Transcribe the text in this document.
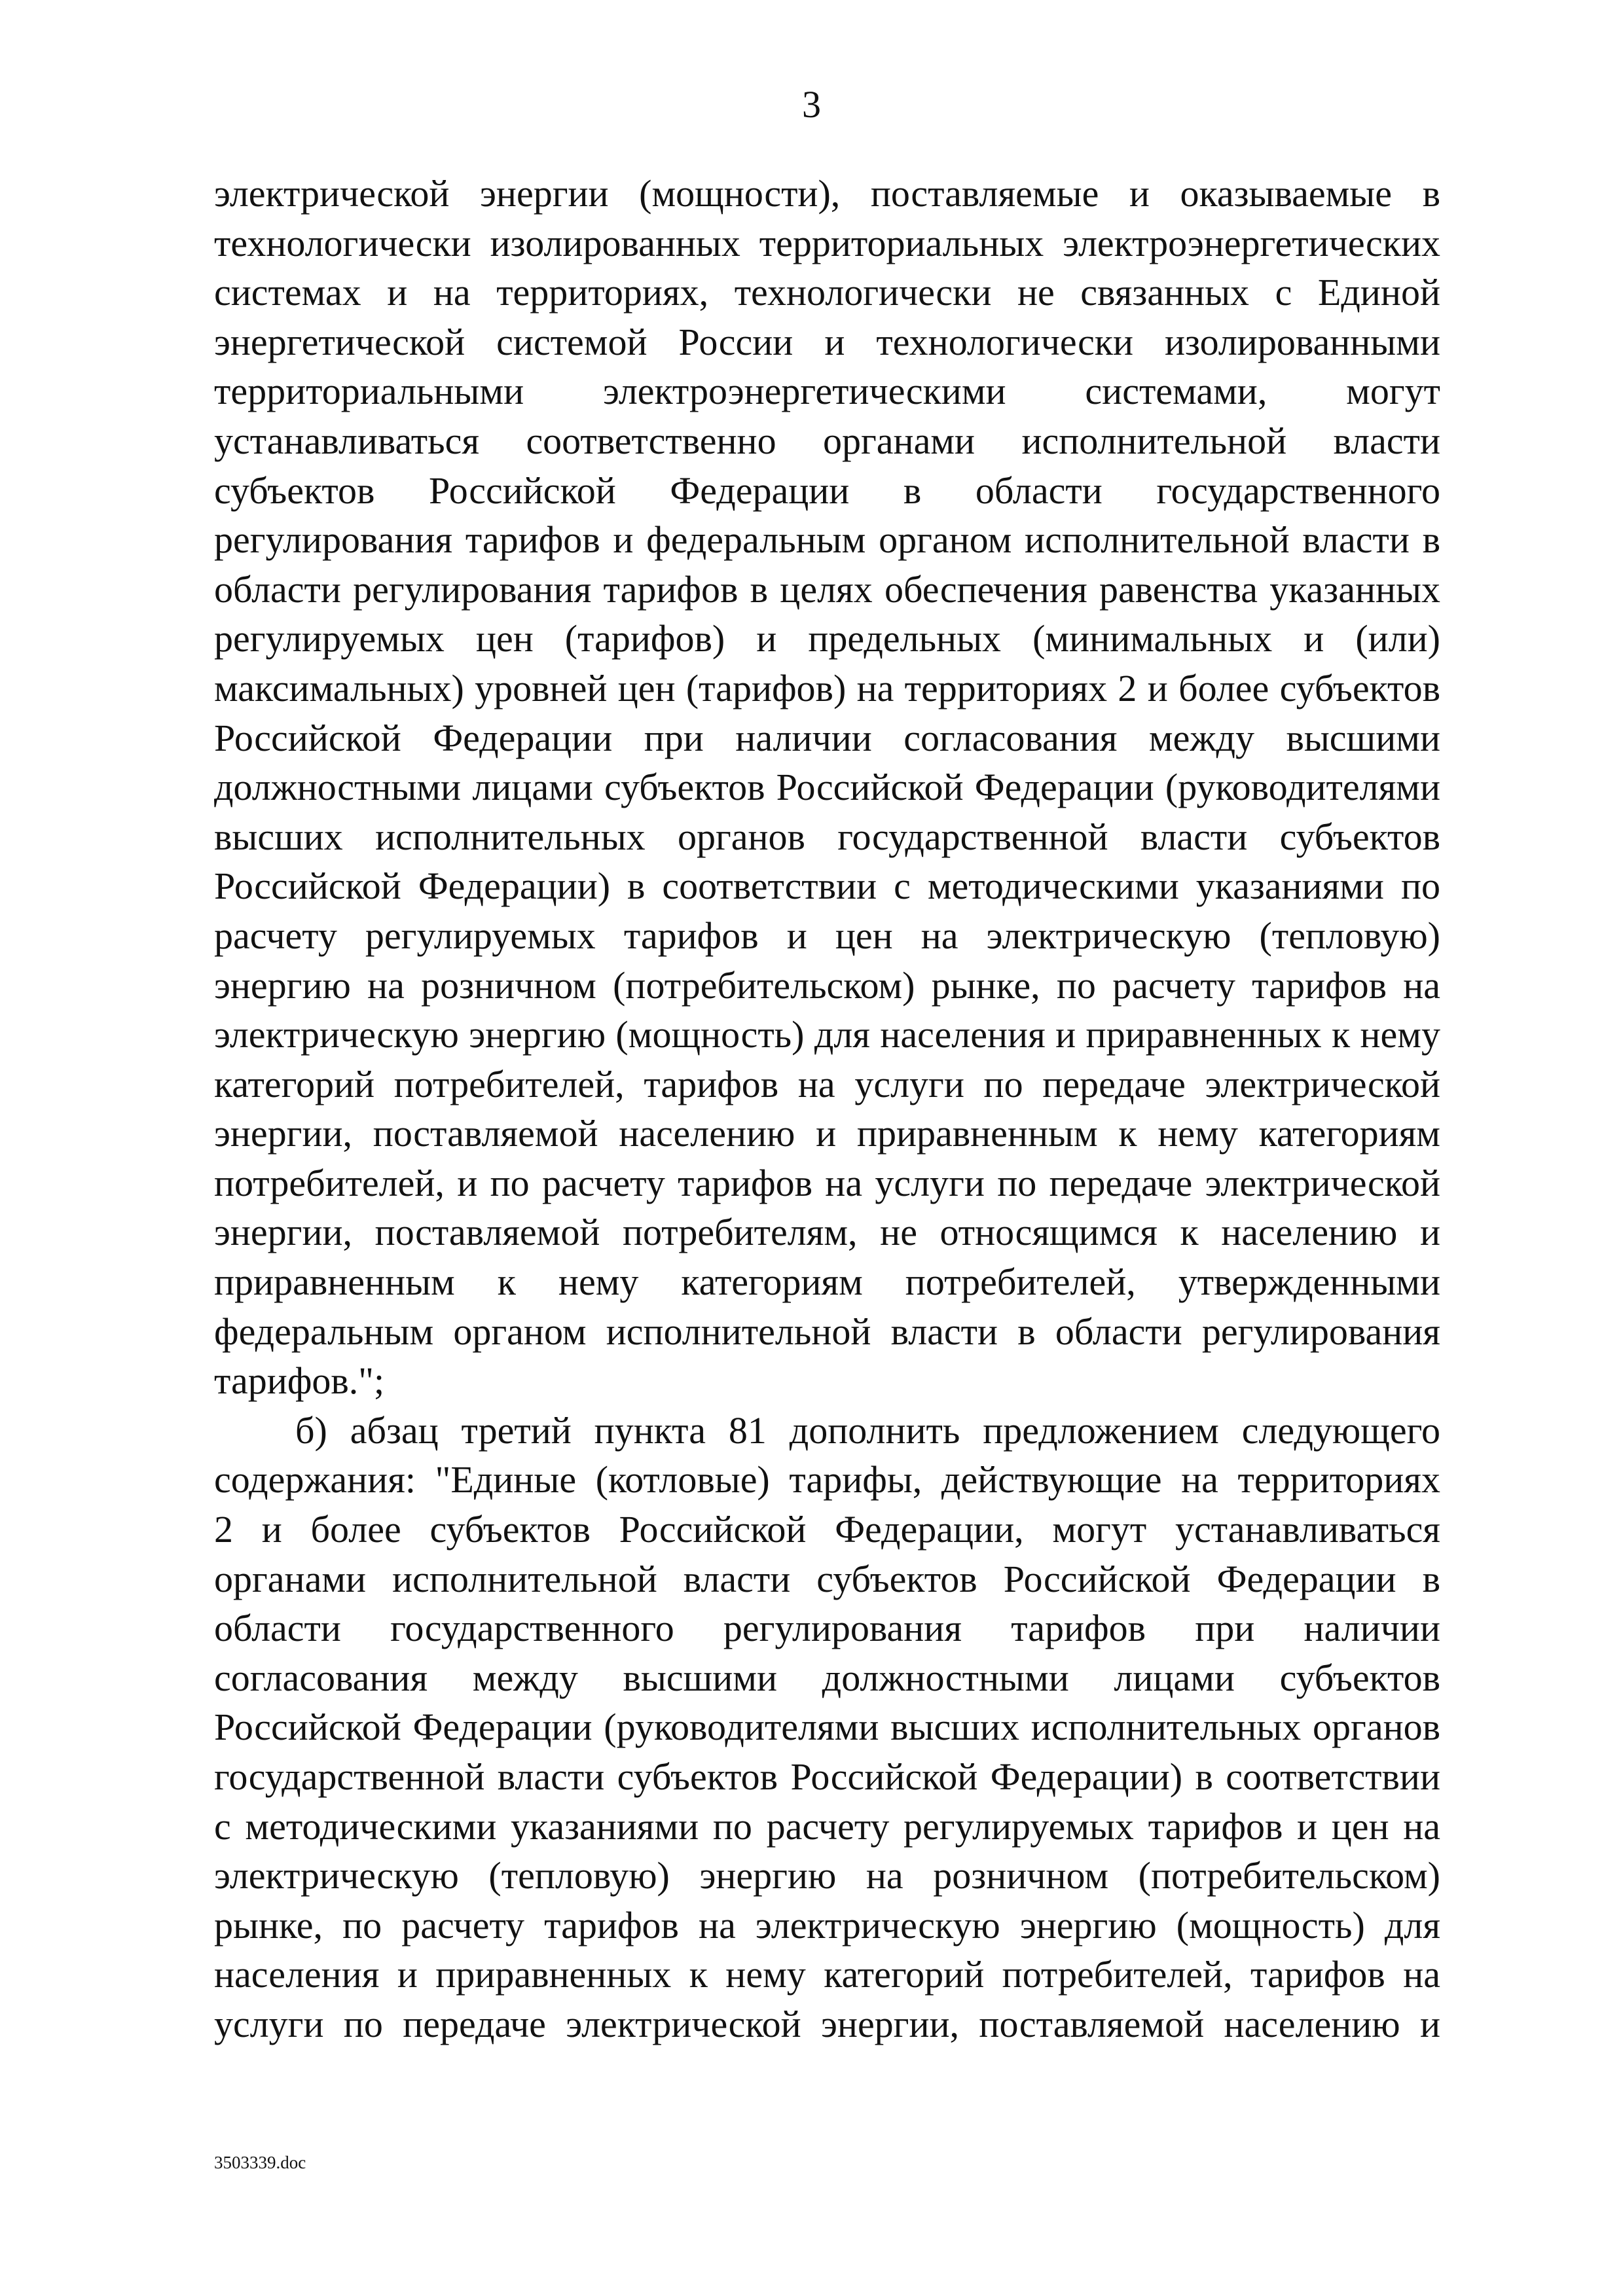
3
электрической энергии (мощности), поставляемые и оказываемые в
технологически изолированных территориальных электроэнергетических
системах и на территориях, технологически не связанных с Единой
энергетической системой России и технологически изолированными
территориальными электроэнергетическими системами, могут
устанавливаться соответственно органами исполнительной власти
субъектов Российской Федерации в области государственного
регулирования тарифов и федеральным органом исполнительной власти в
области регулирования тарифов в целях обеспечения равенства указанных
регулируемых цен (тарифов) и предельных (минимальных и (или)
максимальных) уровней цен (тарифов) на территориях 2 и более субъектов
Российской Федерации при наличии согласования между высшими
должностными лицами субъектов Российской Федерации (руководителями
высших исполнительных органов государственной власти субъектов
Российской Федерации) в соответствии с методическими указаниями по
расчету регулируемых тарифов и цен на электрическую (тепловую)
энергию на розничном (потребительском) рынке, по расчету тарифов на
электрическую энергию (мощность) для населения и приравненных к нему
категорий потребителей, тарифов на услуги по передаче электрической
энергии, поставляемой населению и приравненным к нему категориям
потребителей, и по расчету тарифов на услуги по передаче электрической
энергии, поставляемой потребителям, не относящимся к населению и
приравненным к нему категориям потребителей, утвержденными
федеральным органом исполнительной власти в области регулирования
тарифов.";
б) абзац третий пункта 81 дополнить предложением следующего
содержания: "Единые (котловые) тарифы, действующие на территориях
2 и более субъектов Российской Федерации, могут устанавливаться
органами исполнительной власти субъектов Российской Федерации в
области государственного регулирования тарифов при наличии
согласования между высшими должностными лицами субъектов
Российской Федерации (руководителями высших исполнительных органов
государственной власти субъектов Российской Федерации) в соответствии
с методическими указаниями по расчету регулируемых тарифов и цен на
электрическую (тепловую) энергию на розничном (потребительском)
рынке, по расчету тарифов на электрическую энергию (мощность) для
населения и приравненных к нему категорий потребителей, тарифов на
услуги по передаче электрической энергии, поставляемой населению и
3503339.doc
